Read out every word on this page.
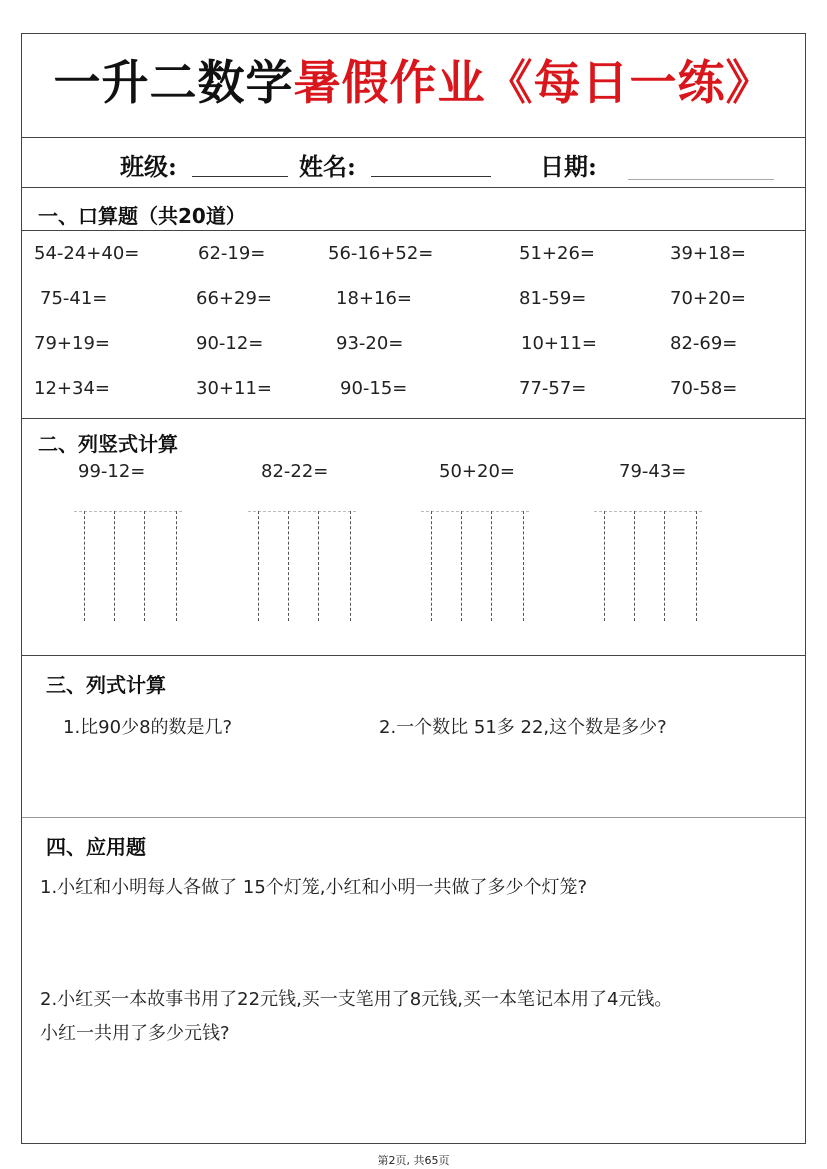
一升二数学暑假作业《每日一练》
班级:	姓名:	日期:
一、口算题（共20道）
54-24+40=	62-19=	56-16+52=	51+26=	39+18=
75-41=	66+29=	18+16=	81-59=	70+20=
79+19=	90-12=	93-20=	10+11=	82-69=
12+34=	30+11=	90-15=	77-57=	70-58=
二、列竖式计算
99-12=	82-22=	50+20=	79-43=
三、列式计算
1.比90少8的数是几?	2.一个数比 51多 22,这个数是多少?
四、应用题
1.小红和小明每人各做了 15个灯笼,小红和小明一共做了多少个灯笼?
2.小红买一本故事书用了22元钱,买一支笔用了8元钱,买一本笔记本用了4元钱。
小红一共用了多少元钱?
第2页, 共65页
